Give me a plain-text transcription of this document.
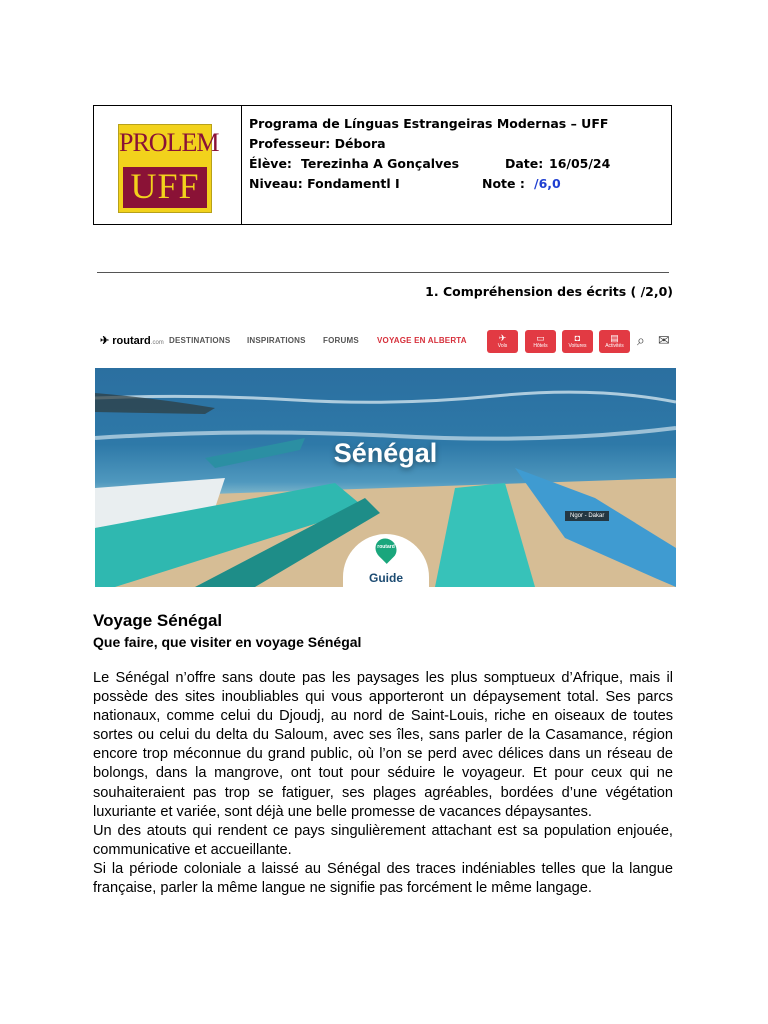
PROLEM
UFF
Programa de Línguas Estrangeiras Modernas – UFF
Professeur: Débora
Élève: Terezinha A Gonçalves	Date: 16/05/24
Niveau: Fondamentl I	Note : /6,0
1. Compréhension des écrits ( /2,0)
✈ routard.com DESTINATIONS INSPIRATIONS FORUMS VOYAGE EN ALBERTA	✈
Vols
▭
Hôtels
◘
Voitures
▤
Activités ⌕ ✉
Sénégal
Ngor - Dakar
routard
Guide
Voyage Sénégal
Que faire, que visiter en voyage Sénégal

Le Sénégal n’offre sans doute pas les paysages les plus somptueux d’Afrique, mais il possède des sites inoubliables qui vous apporteront un dépaysement total. Ses parcs nationaux, comme celui du Djoudj, au nord de Saint-Louis, riche en oiseaux de toutes sortes ou celui du delta du Saloum, avec ses îles, sans parler de la Casamance, région encore trop méconnue du grand public, où l’on se perd avec délices dans un réseau de bolongs, dans la mangrove, ont tout pour séduire le voyageur. Et pour ceux qui ne souhaiteraient pas trop se fatiguer, ses plages agréables, bordées d’une végétation luxuriante et variée, sont déjà une belle promesse de vacances dépaysantes.

Un des atouts qui rendent ce pays singulièrement attachant est sa population enjouée, communicative et accueillante.

Si la période coloniale a laissé au Sénégal des traces indéniables telles que la langue française, parler la même langue ne signifie pas forcément le même langage.
